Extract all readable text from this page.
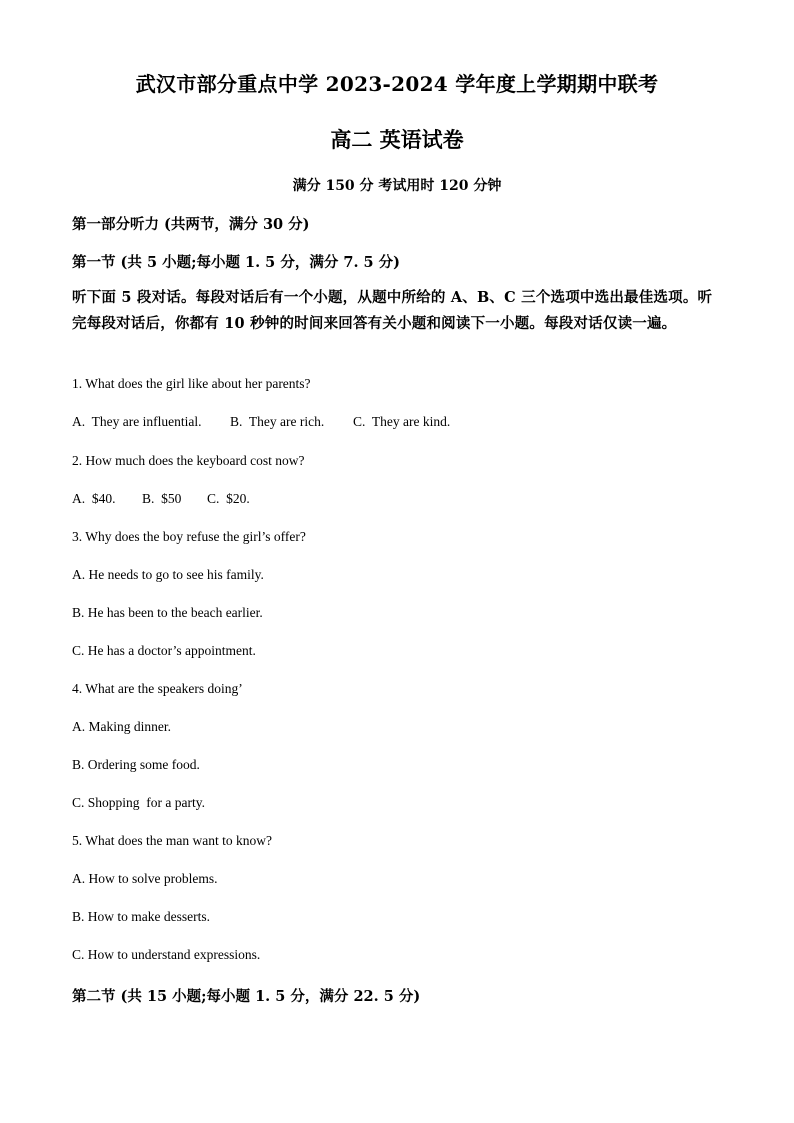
武汉市部分重点中学 2023-2024 学年度上学期期中联考
高二 英语试卷
满分 150 分 考试用时 120 分钟
第一部分听力 (共两节，满分 30 分)
第一节 (共 5 小题;每小题 1. 5 分，满分 7. 5 分)
听下面 5 段对话。每段对话后有一个小题，从题中所给的 A、B、C 三个选项中选出最佳选项。听完每段对话后，你都有 10 秒钟的时间来回答有关小题和阅读下一小题。每段对话仅读一遍。
1. What does the girl like about her parents?
A.  They are influential. B.  They are rich. C.  They are kind.
2. How much does the keyboard cost now?
A.  $40. B.  $50 C.  $20.
3. Why does the boy refuse the girl’s offer?
A. He needs to go to see his family.
B. He has been to the beach earlier.
C. He has a doctor’s appointment.
4. What are the speakers doing’
A. Making dinner.
B. Ordering some food.
C. Shopping  for a party.
5. What does the man want to know?
A. How to solve problems.
B. How to make desserts.
C. How to understand expressions.
第二节 (共 15 小题;每小题 1. 5 分，满分 22. 5 分)
